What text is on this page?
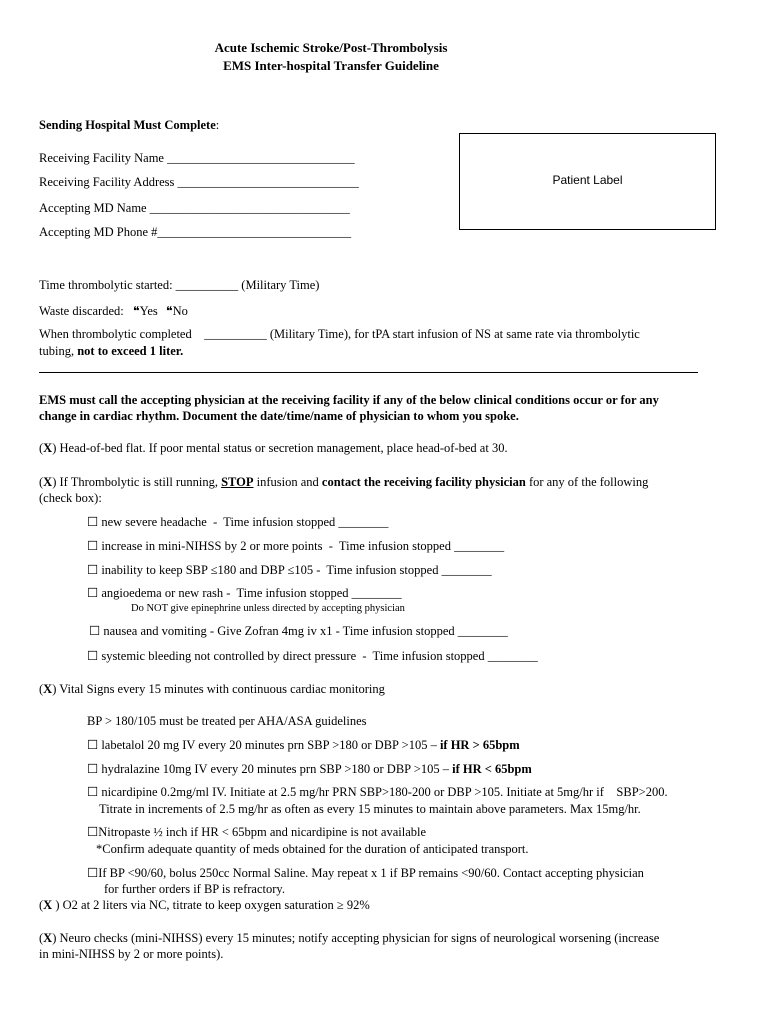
Acute Ischemic Stroke/Post-Thrombolysis
EMS Inter-hospital Transfer Guideline
Sending Hospital Must Complete:
Receiving Facility Name ______________________________
Receiving Facility Address _____________________________
Accepting MD Name ________________________________
Accepting MD Phone #_______________________________
Patient Label
Time thrombolytic started: __________ (Military Time)
Waste discarded: ❝Yes ❝No
When thrombolytic completed    __________ (Military Time), for tPA start infusion of NS at same rate via thrombolytic
tubing, not to exceed 1 liter.
EMS must call the accepting physician at the receiving facility if any of the below clinical conditions occur or for any
change in cardiac rhythm. Document the date/time/name of physician to whom you spoke.
(X) Head-of-bed flat. If poor mental status or secretion management, place head-of-bed at 30.
(X) If Thrombolytic is still running, STOP infusion and contact the receiving facility physician for any of the following
(check box):
☐ new severe headache  -  Time infusion stopped ________
☐ increase in mini-NIHSS by 2 or more points  -  Time infusion stopped ________
☐ inability to keep SBP ≤180 and DBP ≤105 -  Time infusion stopped ________
☐ angioedema or new rash -  Time infusion stopped ________
Do NOT give epinephrine unless directed by accepting physician
☐ nausea and vomiting - Give Zofran 4mg iv x1 - Time infusion stopped ________
☐ systemic bleeding not controlled by direct pressure  -  Time infusion stopped ________
(X) Vital Signs every 15 minutes with continuous cardiac monitoring
BP > 180/105 must be treated per AHA/ASA guidelines
☐ labetalol 20 mg IV every 20 minutes prn SBP >180 or DBP >105 – if HR > 65bpm
☐ hydralazine 10mg IV every 20 minutes prn SBP >180 or DBP >105 – if HR < 65bpm
☐ nicardipine 0.2mg/ml IV. Initiate at 2.5 mg/hr PRN SBP>180-200 or DBP >105. Initiate at 5mg/hr if    SBP>200.
Titrate in increments of 2.5 mg/hr as often as every 15 minutes to maintain above parameters. Max 15mg/hr.
☐Nitropaste ½ inch if HR < 65bpm and nicardipine is not available
*Confirm adequate quantity of meds obtained for the duration of anticipated transport.
☐If BP <90/60, bolus 250cc Normal Saline. May repeat x 1 if BP remains <90/60. Contact accepting physician
for further orders if BP is refractory.
(X ) O2 at 2 liters via NC, titrate to keep oxygen saturation ≥ 92%
(X) Neuro checks (mini-NIHSS) every 15 minutes; notify accepting physician for signs of neurological worsening (increase
in mini-NIHSS by 2 or more points).
